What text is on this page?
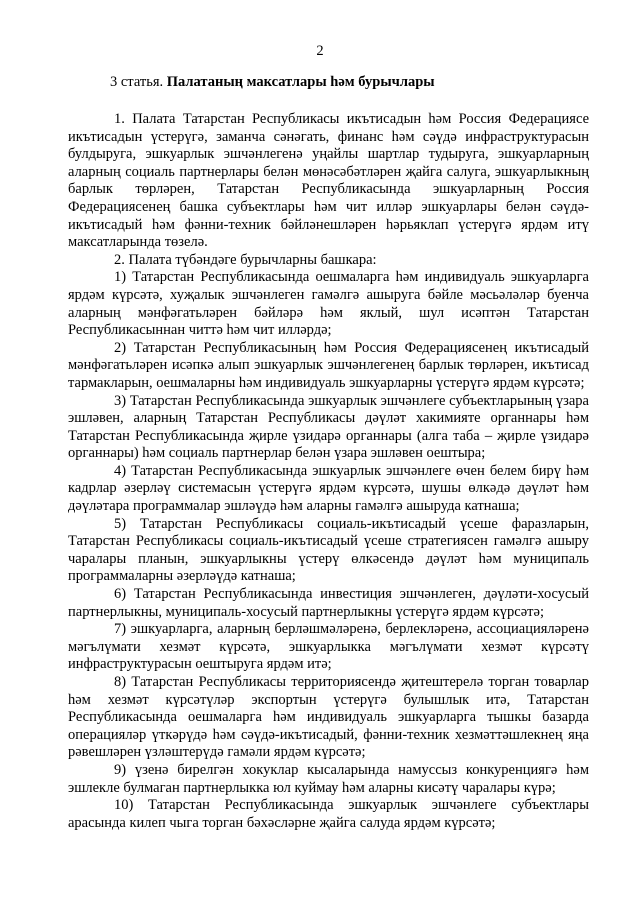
2
3 статья. Палатаның максатлары һәм бурычлары

1. Палата Татарстан Республикасы икътисадын һәм Россия Федерациясе икътисадын үстерүгә, заманча сәнәгать, финанс һәм сәүдә инфраструктурасын булдыруга, эшкуарлык эшчәнлегенә уңайлы шартлар тудыруга, эшкуарларның аларның социаль партнерлары белән мөнәсәбәтләрен җайга салуга, эшкуарлыкның барлык төрләрен, Татарстан Республикасында эшкуарларның Россия Федерациясенең башка субъектлары һәм чит илләр эшкуарлары белән сәүдә-икътисадый һәм фәнни-техник бәйләнешләрен һәрьяклап үстерүгә ярдәм итү максатларында төзелә.

2. Палата түбәндәге бурычларны башкара:

1) Татарстан Республикасында оешмаларга һәм индивидуаль эшкуарларга ярдәм күрсәтә, хуҗалык эшчәнлеген гамәлгә ашыруга бәйле мәсьәләләр буенча аларның мәнфәгатьләрен бәйләрә һәм яклый, шул исәптән Татарстан Республикасыннан читтә һәм чит илләрдә;

2) Татарстан Республикасының һәм Россия Федерациясенең икътисадый мәнфәгатьләрен исәпкә алып эшкуарлык эшчәнлегенең барлык төрләрен, икътисад тармакларын, оешмаларны һәм индивидуаль эшкуарларны үстерүгә ярдәм күрсәтә;

3) Татарстан Республикасында эшкуарлык эшчәнлеге субъектларының үзара эшләвен, аларның Татарстан Республикасы дәүләт хакимияте органнары һәм Татарстан Республикасында җирле үзидарә органнары (алга таба – җирле үзидарә органнары) һәм социаль партнерлар белән үзара эшләвен оештыра;

4) Татарстан Республикасында эшкуарлык эшчәнлеге өчен белем бирү һәм кадрлар әзерләү системасын үстерүгә ярдәм күрсәтә, шушы өлкәдә дәүләт һәм дәүләтара программалар эшләүдә һәм аларны гамәлгә ашыруда катнаша;

5) Татарстан Республикасы социаль-икътисадый үсеше фаразларын, Татарстан Республикасы социаль-икътисадый үсеше стратегиясен гамәлгә ашыру чаралары планын, эшкуарлыкны үстерү өлкәсендә дәүләт һәм муниципаль программаларны әзерләүдә катнаша;

6) Татарстан Республикасында инвестиция эшчәнлеген, дәүләти-хосусый партнерлыкны, муниципаль-хосусый партнерлыкны үстерүгә ярдәм күрсәтә;

7) эшкуарларга, аларның берләшмәләренә, берлекләренә, ассоциацияләренә мәгълүмати хезмәт күрсәтә, эшкуарлыкка мәгълүмати хезмәт күрсәтү инфраструктурасын оештыруга ярдәм итә;

8) Татарстан Республикасы территориясендә җитештерелә торган товарлар һәм хезмәт күрсәтүләр экспортын үстерүгә булышлык итә, Татарстан Республикасында оешмаларга һәм индивидуаль эшкуарларга тышкы базарда операцияләр үткәрүдә һәм сәүдә-икътисадый, фәнни-техник хезмәттәшлекнең яңа рәвешләрен үзләштерүдә гамәли ярдәм күрсәтә;

9) үзенә бирелгән хокуклар кысаларында намуссыз конкуренциягә һәм эшлекле булмаган партнерлыкка юл куймау һәм аларны кисәтү чаралары күрә;

10) Татарстан Республикасында эшкуарлык эшчәнлеге субъектлары арасында килеп чыга торган бәхәсләрне җайга салуда ярдәм күрсәтә;
